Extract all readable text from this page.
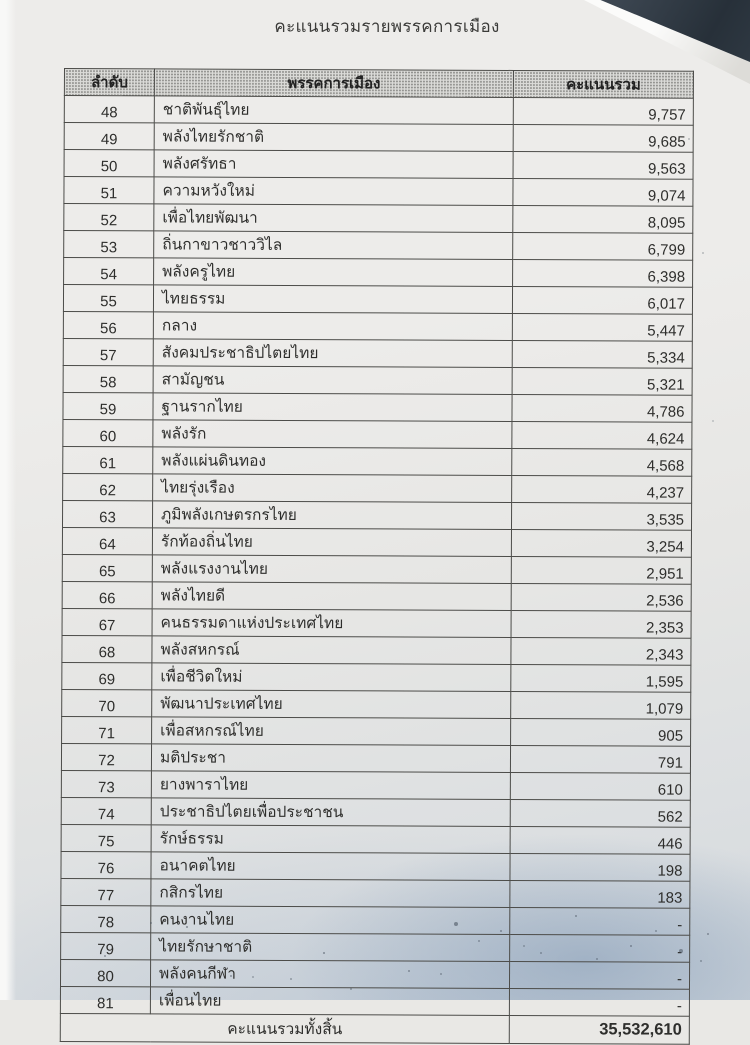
คะแนนรวมรายพรรคการเมือง
ลำดับ	พรรคการเมือง	คะแนนรวม
48	ชาติพันธุ์ไทย	9,757
49	พลังไทยรักชาติ	9,685
50	พลังศรัทธา	9,563
51	ความหวังใหม่	9,074
52	เพื่อไทยพัฒนา	8,095
53	ถิ่นกาขาวชาววิไล	6,799
54	พลังครูไทย	6,398
55	ไทยธรรม	6,017
56	กลาง	5,447
57	สังคมประชาธิปไตยไทย	5,334
58	สามัญชน	5,321
59	ฐานรากไทย	4,786
60	พลังรัก	4,624
61	พลังแผ่นดินทอง	4,568
62	ไทยรุ่งเรือง	4,237
63	ภูมิพลังเกษตรกรไทย	3,535
64	รักท้องถิ่นไทย	3,254
65	พลังแรงงานไทย	2,951
66	พลังไทยดี	2,536
67	คนธรรมดาแห่งประเทศไทย	2,353
68	พลังสหกรณ์	2,343
69	เพื่อชีวิตใหม่	1,595
70	พัฒนาประเทศไทย	1,079
71	เพื่อสหกรณ์ไทย	905
72	มติประชา	791
73	ยางพาราไทย	610
74	ประชาธิปไตยเพื่อประชาชน	562
75	รักษ์ธรรม	446
76	อนาคตไทย	198
77	กสิกรไทย	183
78	คนงานไทย	-
79	ไทยรักษาชาติ	-
80	พลังคนกีฬา	-
81	เพื่อนไทย	-
คะแนนรวมทั้งสิ้น		35,532,610
